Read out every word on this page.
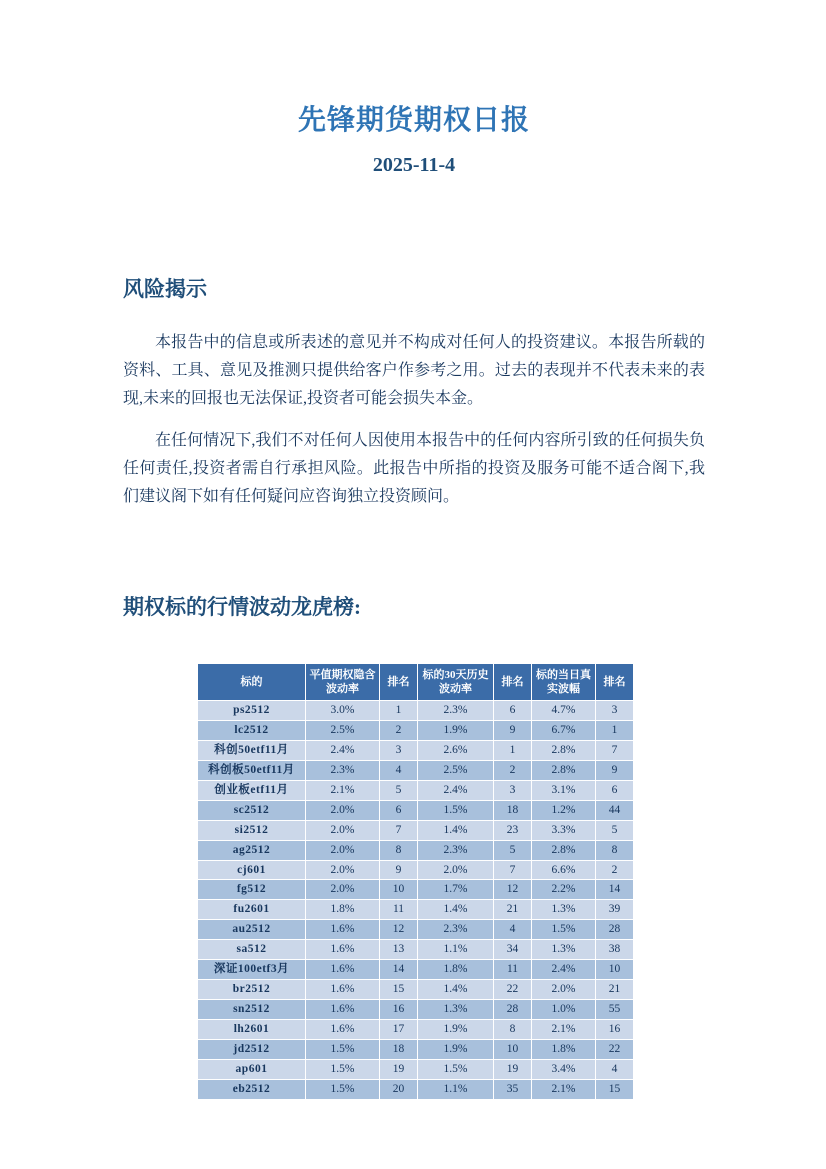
先锋期货期权日报
2025-11-4
风险揭示

本报告中的信息或所表述的意见并不构成对任何人的投资建议。本报告所载的资料、工具、意见及推测只提供给客户作参考之用。过去的表现并不代表未来的表现,未来的回报也无法保证,投资者可能会损失本金。

在任何情况下,我们不对任何人因使用本报告中的任何内容所引致的任何损失负任何责任,投资者需自行承担风险。此报告中所指的投资及服务可能不适合阁下,我们建议阁下如有任何疑问应咨询独立投资顾问。

期权标的行情波动龙虎榜:
标的	平值期权隐含波动率	排名	标的30天历史波动率	排名	标的当日真实波幅	排名
ps2512	3.0%	1	2.3%	6	4.7%	3
lc2512	2.5%	2	1.9%	9	6.7%	1
科创50etf11月	2.4%	3	2.6%	1	2.8%	7
科创板50etf11月	2.3%	4	2.5%	2	2.8%	9
创业板etf11月	2.1%	5	2.4%	3	3.1%	6
sc2512	2.0%	6	1.5%	18	1.2%	44
si2512	2.0%	7	1.4%	23	3.3%	5
ag2512	2.0%	8	2.3%	5	2.8%	8
cj601	2.0%	9	2.0%	7	6.6%	2
fg512	2.0%	10	1.7%	12	2.2%	14
fu2601	1.8%	11	1.4%	21	1.3%	39
au2512	1.6%	12	2.3%	4	1.5%	28
sa512	1.6%	13	1.1%	34	1.3%	38
深证100etf3月	1.6%	14	1.8%	11	2.4%	10
br2512	1.6%	15	1.4%	22	2.0%	21
sn2512	1.6%	16	1.3%	28	1.0%	55
lh2601	1.6%	17	1.9%	8	2.1%	16
jd2512	1.5%	18	1.9%	10	1.8%	22
ap601	1.5%	19	1.5%	19	3.4%	4
eb2512	1.5%	20	1.1%	35	2.1%	15
